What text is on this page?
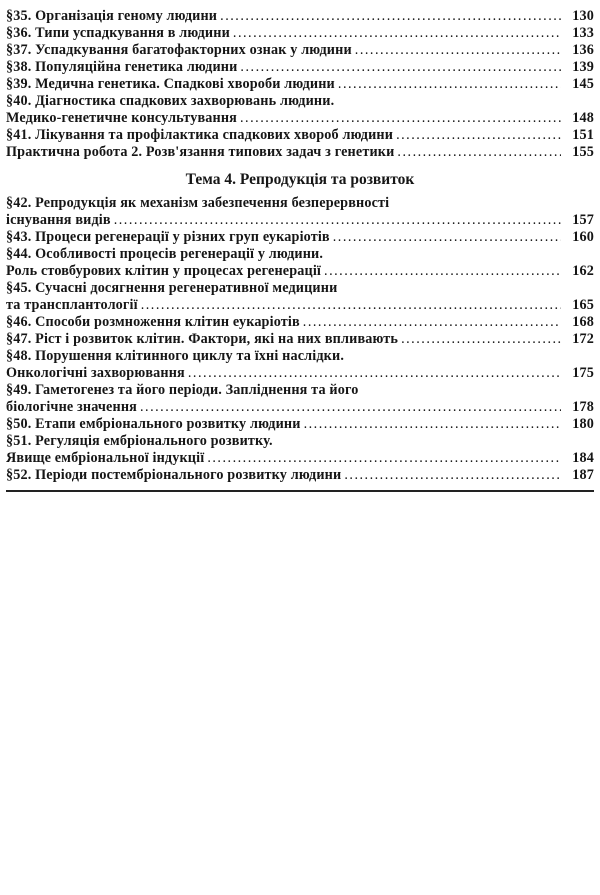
§35. Організація геному людини .....	130
§36. Типи успадкування в людини .....	133
§37. Успадкування багатофакторних ознак у людини .....	136
§38. Популяційна генетика людини .....	139
§39. Медична генетика. Спадкові хвороби людини .....	145
§40. Діагностика спадкових захворювань людини.
Медико-генетичне консультування .....	148
§41. Лікування та профілактика спадкових хвороб людини .....	151
Практична робота 2. Розв'язання типових задач з генетики .....	155
Тема 4. Репродукція та розвиток
§42. Репродукція як механізм забезпечення безперервності
існування видів .....	157
§43. Процеси регенерації у різних груп еукаріотів .....	160
§44. Особливості процесів регенерації у людини.
Роль стовбурових клітин у процесах регенерації .....	162
§45. Сучасні досягнення регенеративної медицини
та трансплантології .....	165
§46. Способи розмноження клітин еукаріотів .....	168
§47. Ріст і розвиток клітин. Фактори, які на них впливають .....	172
§48. Порушення клітинного циклу та їхні наслідки.
Онкологічні захворювання .....	175
§49. Гаметогенез та його періоди. Запліднення та його
біологічне значення .....	178
§50. Етапи ембріонального розвитку людини .....	180
§51. Регуляція ембріонального розвитку.
Явище ембріональної індукції .....	184
§52. Періоди постембріонального розвитку людини .....	187
